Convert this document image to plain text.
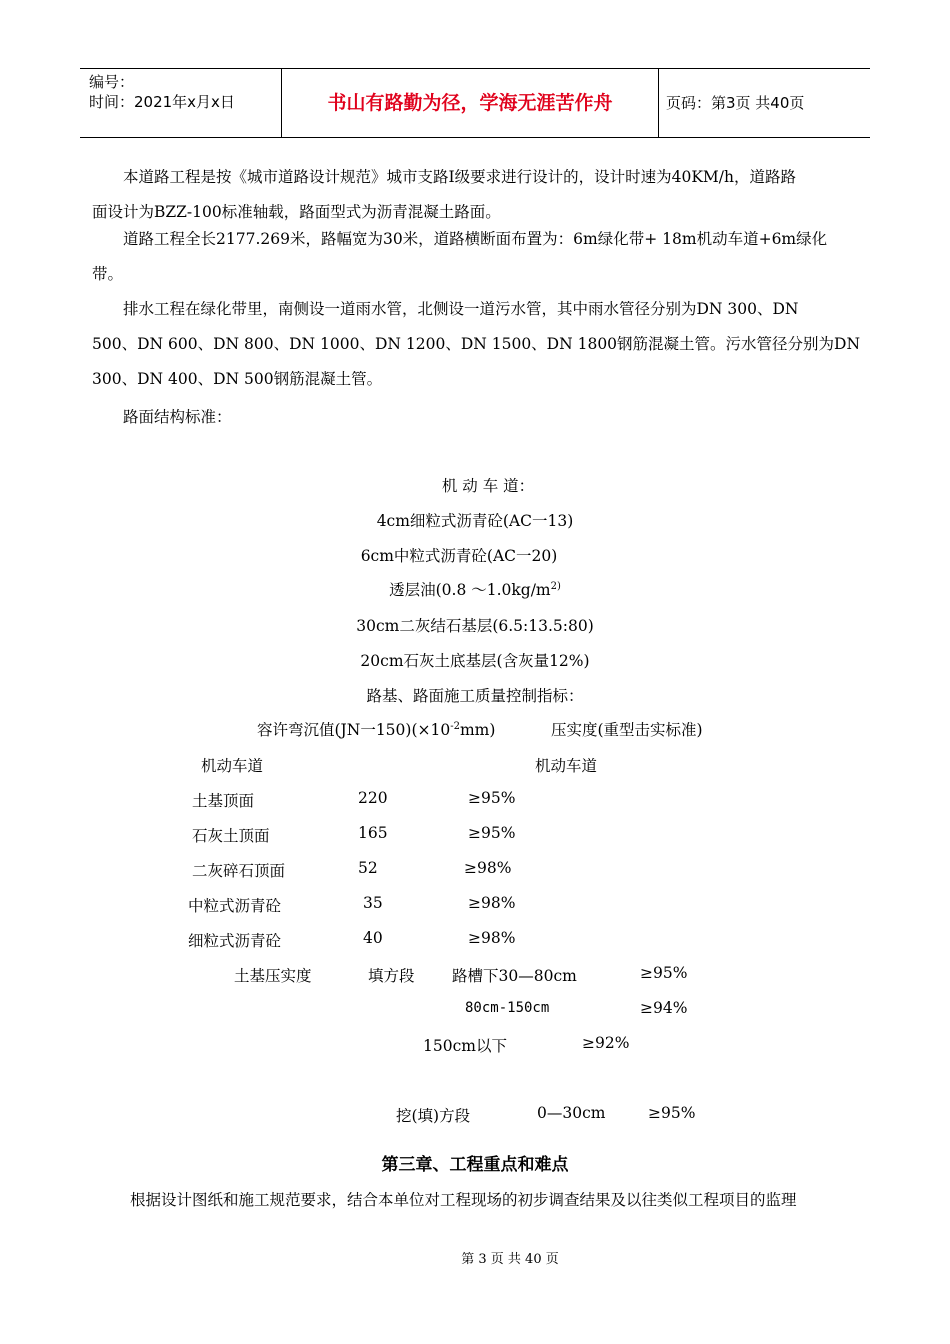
编号：
时间：2021年x月x日	书山有路勤为径，学海无涯苦作舟	页码：第3页 共40页
本道路工程是按《城市道路设计规范》城市支路Ⅰ级要求进行设计的，设计时速为40KM/h，道路路
面设计为BZZ-100标准轴载，路面型式为沥青混凝土路面。
道路工程全长2177.269米，路幅宽为30米，道路横断面布置为：6m绿化带+ 18m机动车道+6m绿化
带。
排水工程在绿化带里，南侧设一道雨水管，北侧设一道污水管，其中雨水管径分别为DN 300、DN
500、DN 600、DN 800、DN 1000、DN 1200、DN 1500、DN 1800钢筋混凝土管。污水管径分别为DN
300、DN 400、DN 500钢筋混凝土管。
路面结构标准：
机 动 车 道：
4cm细粒式沥青砼(AC一13)
6cm中粒式沥青砼(AC一20)
透层油(0.8 $\sim 1.0kg/m^{2)}$
30cm二灰结石基层(6.5:13.5:80)
20cm石灰土底基层(含灰量12%)
路基、路面施工质量控制指标：
容许弯沉值(JN一$150)(\times 10^{-2}mm)$	压实度(重型击实标准)
机动车道	机动车道
土基顶面	220	≥95%
石灰土顶面	165	≥95%
二灰碎石顶面	52	≥98%
中粒式沥青砼	35	≥98%
细粒式沥青砼	40	≥98%
土基压实度	填方段 路槽下30—80cm	≥95%
80cm-150cm	≥94%
150cm以下	≥92%
挖(填)方段	0—30cm	≥95%
第三章、工程重点和难点
根据设计图纸和施工规范要求，结合本单位对工程现场的初步调查结果及以往类似工程项目的监理
第 3 页 共 40 页
